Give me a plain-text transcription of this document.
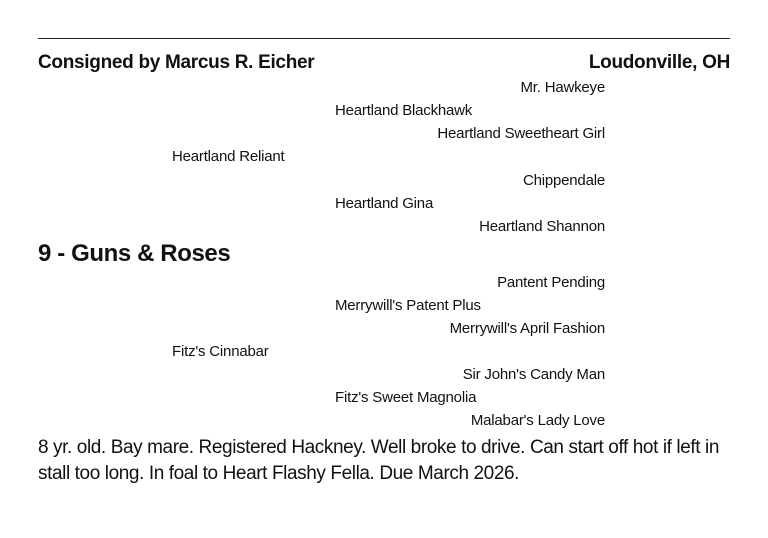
Consigned by Marcus R. Eicher	Loudonville, OH
Mr. Hawkeye
Heartland Blackhawk
Heartland Sweetheart Girl
Heartland Reliant
Chippendale
Heartland Gina
Heartland Shannon
9 - Guns & Roses
Pantent Pending
Merrywill's Patent Plus
Merrywill's April Fashion
Fitz's Cinnabar
Sir John's Candy Man
Fitz's Sweet Magnolia
Malabar's Lady Love
8 yr. old. Bay mare. Registered Hackney. Well broke to drive. Can start off hot if left in stall too long. In foal to Heart Flashy Fella. Due March 2026.
